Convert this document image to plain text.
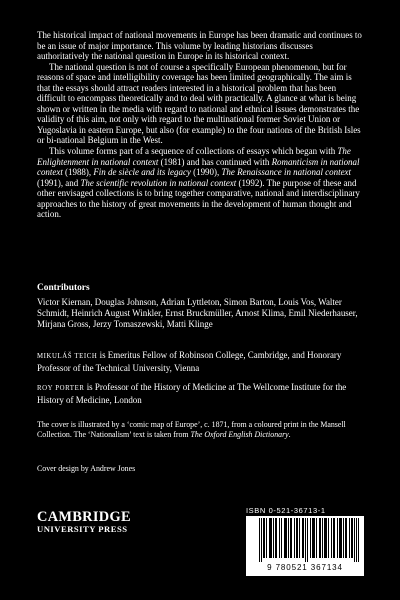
The historical impact of national movements in Europe has been dramatic and continues to be an issue of major importance. This volume by leading historians discusses authoritatively the national question in Europe in its historical context.

The national question is not of course a specifically European phenomenon, but for reasons of space and intelligibility coverage has been limited geographically. The aim is that the essays should attract readers interested in a historical problem that has been difficult to encompass theoretically and to deal with practically. A glance at what is being shown or written in the media with regard to national and ethnical issues demonstrates the validity of this aim, not only with regard to the multinational former Soviet Union or Yugoslavia in eastern Europe, but also (for example) to the four nations of the British Isles or bi-national Belgium in the West.

This volume forms part of a sequence of collections of essays which began with The Enlightenment in national context (1981) and has continued with Romanticism in national context (1988), Fin de siècle and its legacy (1990), The Renaissance in national context (1991), and The scientific revolution in national context (1992). The purpose of these and other envisaged collections is to bring together comparative, national and interdisciplinary approaches to the history of great movements in the development of human thought and action.

Contributors
Victor Kiernan, Douglas Johnson, Adrian Lyttleton, Simon Barton, Louis Vos, Walter Schmidt, Heinrich August Winkler, Ernst Bruckmüller, Arnost Klima, Emil Niederhauser, Mirjana Gross, Jerzy Tomaszewski, Matti Klinge
MIKULÁŠ TEICH is Emeritus Fellow of Robinson College, Cambridge, and Honorary Professor of the Technical University, Vienna
ROY PORTER is Professor of the History of Medicine at The Wellcome Institute for the History of Medicine, London
The cover is illustrated by a ‘comic map of Europe’, c. 1871, from a coloured print in the Mansell Collection. The ‘Nationalism’ text is taken from The Oxford English Dictionary.
Cover design by Andrew Jones
CAMBRIDGE
UNIVERSITY PRESS
ISBN 0-521-36713-1
9 780521 367134
